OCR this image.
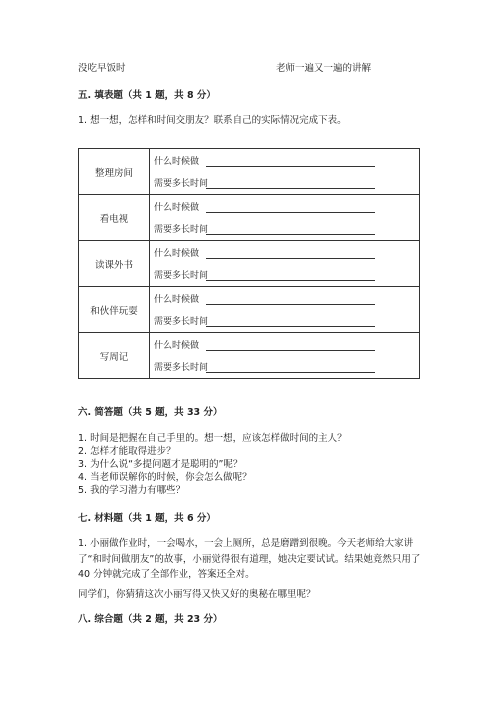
没吃早饭时	老师一遍又一遍的讲解
五. 填表题（共 1 题，共 8 分）
1. 想一想，怎样和时间交朋友？联系自己的实际情况完成下表。
整理房间	什么时候做
需要多长时间

看电视	什么时候做
需要多长时间

读课外书	什么时候做
需要多长时间

和伙伴玩耍	什么时候做
需要多长时间

写周记	什么时候做
需要多长时间
六. 简答题（共 5 题，共 33 分）
1. 时间是把握在自己手里的。想一想，应该怎样做时间的主人？
2. 怎样才能取得进步？
3. 为什么说“多提问题才是聪明的”呢？
4. 当老师误解你的时候，你会怎么做呢？
5. 我的学习潜力有哪些？
七. 材料题（共 1 题，共 6 分）
1. 小丽做作业时，一会喝水，一会上厕所，总是磨蹭到很晚。今天老师给大家讲了“和时间做朋友”的故事，小丽觉得很有道理，她决定要试试。结果她竟然只用了 40 分钟就完成了全部作业，答案还全对。
同学们，你猜猜这次小丽写得又快又好的奥秘在哪里呢？
八. 综合题（共 2 题，共 23 分）
